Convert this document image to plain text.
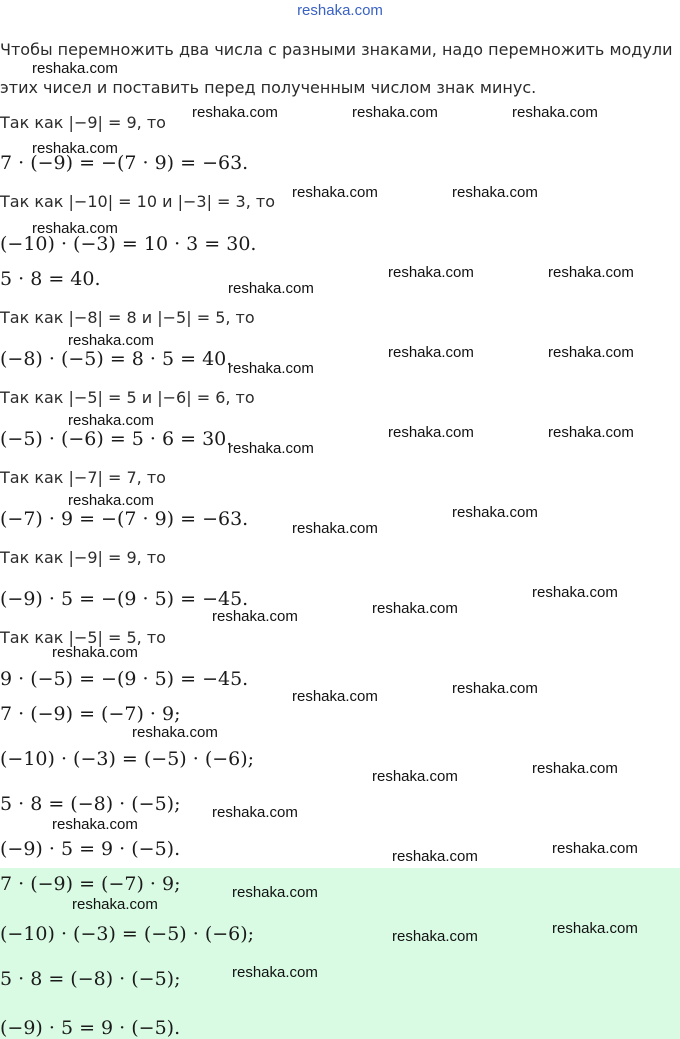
reshaka.com
Чтобы перемножить два числа с разными знаками, надо перемножить модули
этих чисел и поставить перед полученным числом знак минус.
Так как |−9| = 9, то
7 · (−9) = −(7 · 9) = −63.
Так как |−10| = 10 и |−3| = 3, то
(−10) · (−3) = 10 · 3 = 30.
5 · 8 = 40.
Так как |−8| = 8 и |−5| = 5, то
(−8) · (−5) = 8 · 5 = 40.
Так как |−5| = 5 и |−6| = 6, то
(−5) · (−6) = 5 · 6 = 30.
Так как |−7| = 7, то
(−7) · 9 = −(7 · 9) = −63.
Так как |−9| = 9, то
(−9) · 5 = −(9 · 5) = −45.
Так как |−5| = 5, то
9 · (−5) = −(9 · 5) = −45.
7 · (−9) = (−7) · 9;
(−10) · (−3) = (−5) · (−6);
5 · 8 = (−8) · (−5);
(−9) · 5 = 9 · (−5).
7 · (−9) = (−7) · 9;
(−10) · (−3) = (−5) · (−6);
5 · 8 = (−8) · (−5);
(−9) · 5 = 9 · (−5).
reshaka.com
reshaka.com	reshaka.com	reshaka.com
reshaka.com
reshaka.com	reshaka.com
reshaka.com
reshaka.com	reshaka.com
reshaka.com
reshaka.com
reshaka.com	reshaka.com
reshaka.com
reshaka.com
reshaka.com	reshaka.com
reshaka.com
reshaka.com
reshaka.com
reshaka.com
reshaka.com
reshaka.com
reshaka.com
reshaka.com
reshaka.com
reshaka.com
reshaka.com
reshaka.com
reshaka.com
reshaka.com
reshaka.com
reshaka.com
reshaka.com
reshaka.com
reshaka.com
reshaka.com
reshaka.com
reshaka.com
